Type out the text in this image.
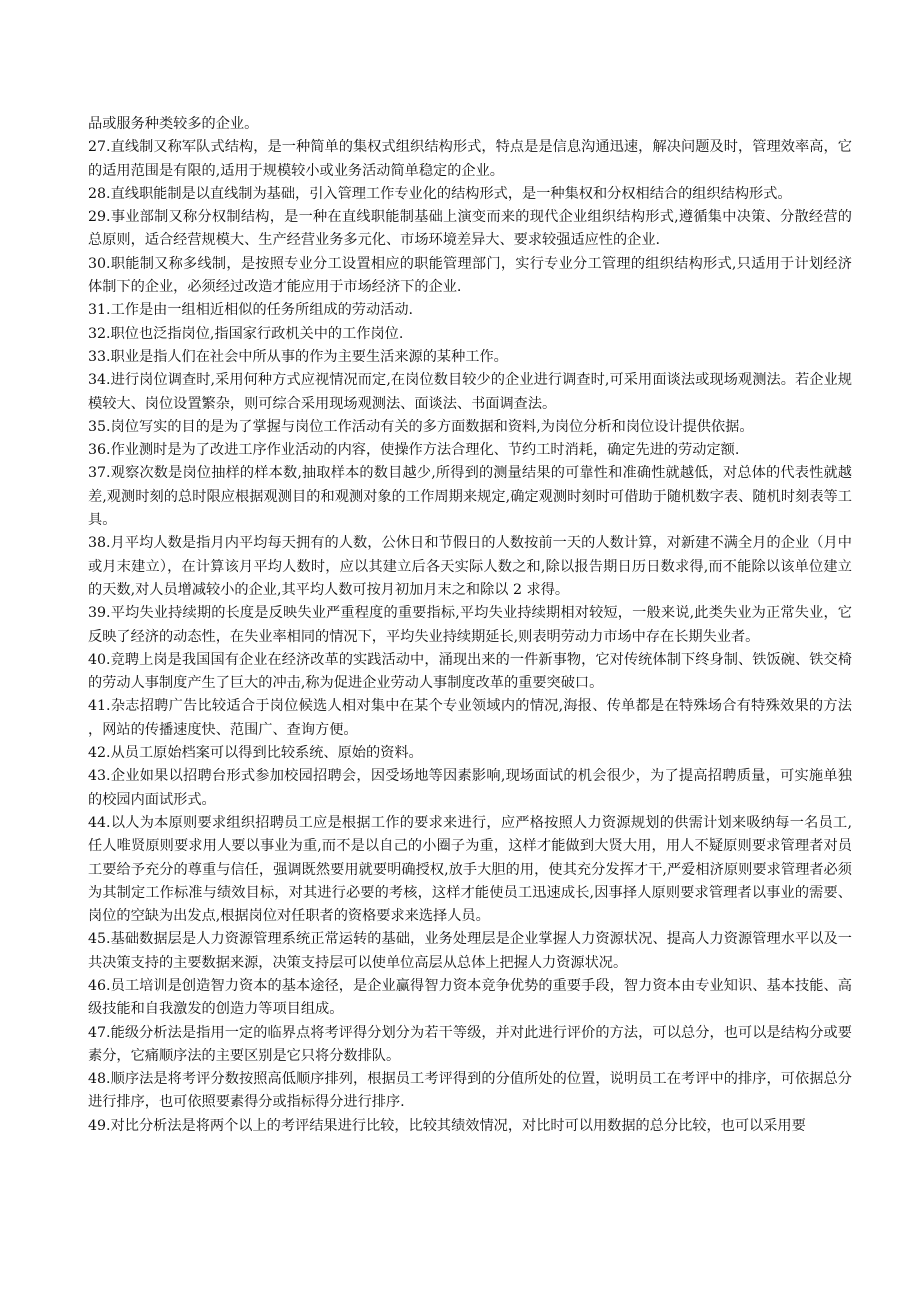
品或服务种类较多的企业。

27.直线制又称军队式结构，是一种简单的集权式组织结构形式，特点是是信息沟通迅速，解决问题及时，管理效率高，它的适用范围是有限的,适用于规模较小或业务活动简单稳定的企业。

28.直线职能制是以直线制为基础，引入管理工作专业化的结构形式，是一种集权和分权相结合的组织结构形式。

29.事业部制又称分权制结构，是一种在直线职能制基础上演变而来的现代企业组织结构形式,遵循集中决策、分散经营的总原则，适合经营规模大、生产经营业务多元化、市场环境差异大、要求较强适应性的企业.

30.职能制又称多线制，是按照专业分工设置相应的职能管理部门，实行专业分工管理的组织结构形式,只适用于计划经济体制下的企业，必须经过改造才能应用于市场经济下的企业.

31.工作是由一组相近相似的任务所组成的劳动活动.

32.职位也泛指岗位,指国家行政机关中的工作岗位.

33.职业是指人们在社会中所从事的作为主要生活来源的某种工作。

34.进行岗位调查时,采用何种方式应视情况而定,在岗位数目较少的企业进行调查时,可采用面谈法或现场观测法。若企业规模较大、岗位设置繁杂，则可综合采用现场观测法、面谈法、书面调查法。

35.岗位写实的目的是为了掌握与岗位工作活动有关的多方面数据和资料,为岗位分析和岗位设计提供依据。

36.作业测时是为了改进工序作业活动的内容，使操作方法合理化、节约工时消耗，确定先进的劳动定额.

37.观察次数是岗位抽样的样本数,抽取样本的数目越少,所得到的测量结果的可靠性和准确性就越低，对总体的代表性就越差,观测时刻的总时限应根据观测目的和观测对象的工作周期来规定,确定观测时刻时可借助于随机数字表、随机时刻表等工具。

38.月平均人数是指月内平均每天拥有的人数，公休日和节假日的人数按前一天的人数计算，对新建不满全月的企业（月中或月末建立），在计算该月平均人数时，应以其建立后各天实际人数之和,除以报告期日历日数求得,而不能除以该单位建立的天数,对人员增减较小的企业,其平均人数可按月初加月末之和除以 2 求得。

39.平均失业持续期的长度是反映失业严重程度的重要指标,平均失业持续期相对较短，一般来说,此类失业为正常失业，它反映了经济的动态性，在失业率相同的情况下，平均失业持续期延长,则表明劳动力市场中存在长期失业者。

40.竞聘上岗是我国国有企业在经济改革的实践活动中，涌现出来的一件新事物，它对传统体制下终身制、铁饭碗、铁交椅的劳动人事制度产生了巨大的冲击,称为促进企业劳动人事制度改革的重要突破口。

41.杂志招聘广告比较适合于岗位候选人相对集中在某个专业领域内的情况,海报、传单都是在特殊场合有特殊效果的方法，网站的传播速度快、范围广、查询方便。

42.从员工原始档案可以得到比较系统、原始的资料。

43.企业如果以招聘台形式参加校园招聘会，因受场地等因素影响,现场面试的机会很少，为了提高招聘质量，可实施单独的校园内面试形式。

44.以人为本原则要求组织招聘员工应是根据工作的要求来进行，应严格按照人力资源规划的供需计划来吸纳每一名员工,任人唯贤原则要求用人要以事业为重,而不是以自己的小圈子为重，这样才能做到大贤大用，用人不疑原则要求管理者对员工要给予充分的尊重与信任，强调既然要用就要明确授权,放手大胆的用，使其充分发挥才干,严爱相济原则要求管理者必须为其制定工作标准与绩效目标，对其进行必要的考核，这样才能使员工迅速成长,因事择人原则要求管理者以事业的需要、岗位的空缺为出发点,根据岗位对任职者的资格要求来选择人员。

45.基础数据层是人力资源管理系统正常运转的基础，业务处理层是企业掌握人力资源状况、提高人力资源管理水平以及一共决策支持的主要数据来源，决策支持层可以使单位高层从总体上把握人力资源状况。

46.员工培训是创造智力资本的基本途径，是企业赢得智力资本竞争优势的重要手段，智力资本由专业知识、基本技能、高级技能和自我激发的创造力等项目组成。

47.能级分析法是指用一定的临界点将考评得分划分为若干等级，并对此进行评价的方法，可以总分，也可以是结构分或要素分，它痛顺序法的主要区别是它只将分数排队。

48.顺序法是将考评分数按照高低顺序排列，根据员工考评得到的分值所处的位置，说明员工在考评中的排序，可依据总分进行排序，也可依照要素得分或指标得分进行排序.

49.对比分析法是将两个以上的考评结果进行比较，比较其绩效情况，对比时可以用数据的总分比较，也可以采用要
